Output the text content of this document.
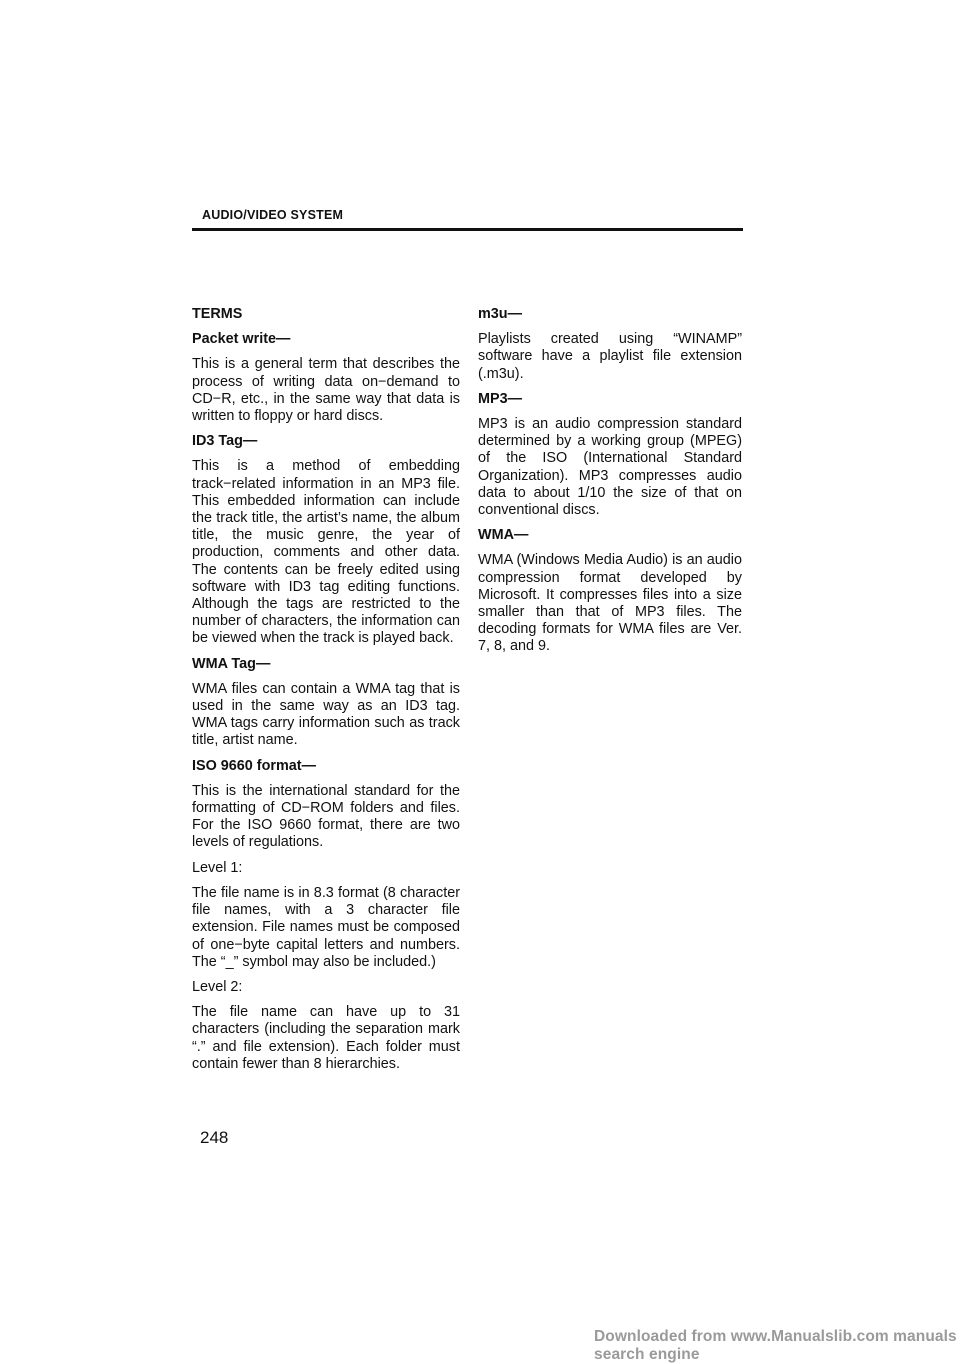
AUDIO/VIDEO SYSTEM
TERMS
Packet write—
This is a general term that describes the process of writing data on−demand to CD−R, etc., in the same way that data is written to floppy or hard discs.
ID3 Tag—
This is a method of embedding track−related information in an MP3 file. This embedded information can include the track title, the artist’s name, the album title, the music genre, the year of production, comments and other data. The contents can be freely edited using software with ID3 tag editing functions. Although the tags are restricted to the number of characters, the information can be viewed when the track is played back.
WMA Tag—
WMA files can contain a WMA tag that is used in the same way as an ID3 tag. WMA tags carry information such as track title, artist name.
ISO 9660 format—
This is the international standard for the formatting of CD−ROM folders and files. For the ISO 9660 format, there are two levels of regulations.
Level 1:
The file name is in 8.3 format (8 character file names, with a 3 character file extension. File names must be composed of one−byte capital letters and numbers. The “_” symbol may also be included.)
Level 2:
The file name can have up to 31 characters (including the separation mark “.” and file extension). Each folder must contain fewer than 8 hierarchies.
m3u—
Playlists created using “WINAMP” software have a playlist file extension (.m3u).
MP3—
MP3 is an audio compression standard determined by a working group (MPEG) of the ISO (International Standard Organization). MP3 compresses audio data to about 1/10 the size of that on conventional discs.
WMA—
WMA (Windows Media Audio) is an audio compression format developed by Microsoft. It compresses files into a size smaller than that of MP3 files. The decoding formats for WMA files are Ver. 7, 8, and 9.
248
Downloaded from www.Manualslib.com manuals search engine
